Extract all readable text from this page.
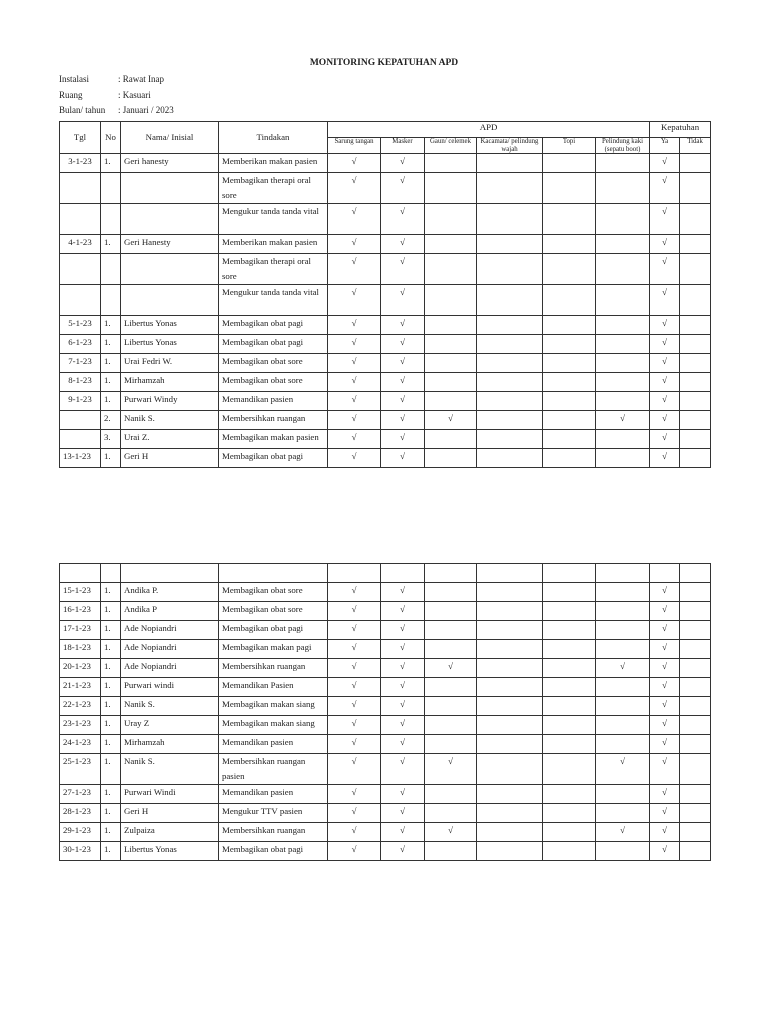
MONITORING KEPATUHAN APD
Instalasi	: Rawat Inap
Ruang	: Kasuari
Bulan/ tahun : Januari / 2023
Tgl	No	Nama/ Inisial	Tindakan	APD						Kepatuhan	
				Sarung tangan	Masker	Gaun/ celemek	Kacamata/ pelindung wajah	Topi	Pelindung kaki (sepatu boot)	Ya	Tidak
3-1-23	1.	Geri hanesty	Memberikan makan pasien	√	√					√	
			Membagikan therapi oral sore	√	√					√	
			Mengukur tanda tanda vital	√	√					√	
4-1-23	1.	Geri Hanesty	Memberikan makan pasien	√	√					√	
			Membagikan therapi oral sore	√	√					√	
			Mengukur tanda tanda vital	√	√					√	
5-1-23	1.	Libertus Yonas	Membagikan obat pagi	√	√					√	
6-1-23	1.	Libertus Yonas	Membagikan obat pagi	√	√					√	
7-1-23	1.	Urai Fedri W.	Membagikan obat sore	√	√					√	
8-1-23	1.	Mirhamzah	Membagikan obat sore	√	√					√	
9-1-23	1.	Purwari Windy	Memandikan pasien	√	√					√	
	2.	Nanik S.	Membersihkan ruangan	√	√	√			√	√	
	3.	Urai Z.	Membagikan makan pasien	√	√					√	
13-1-23	1.	Geri H	Membagikan obat pagi	√	√					√	

15-1-23	1.	Andika P.	Membagikan obat sore	√	√					√	
16-1-23	1.	Andika P	Membagikan obat sore	√	√					√	
17-1-23	1.	Ade Nopiandri	Membagikan obat pagi	√	√					√	
18-1-23	1.	Ade Nopiandri	Membagikan makan pagi	√	√					√	
20-1-23	1.	Ade Nopiandri	Membersihkan ruangan	√	√	√			√	√	
21-1-23	1.	Purwari windi	Memandikan Pasien	√	√					√	
22-1-23	1.	Nanik S.	Membagikan makan siang	√	√					√	
23-1-23	1.	Uray Z	Membagikan makan siang	√	√					√	
24-1-23	1.	Mirhamzah	Memandikan pasien	√	√					√	
25-1-23	1.	Nanik S.	Membersihkan ruangan pasien	√	√	√			√	√	
27-1-23	1.	Purwari Windi	Memandikan pasien	√	√					√	
28-1-23	1.	Geri H	Mengukur TTV pasien	√	√					√	
29-1-23	1.	Zulpaiza	Membersihkan ruangan	√	√	√			√	√	
30-1-23	1.	Libertus Yonas	Membagikan obat pagi	√	√					√	
